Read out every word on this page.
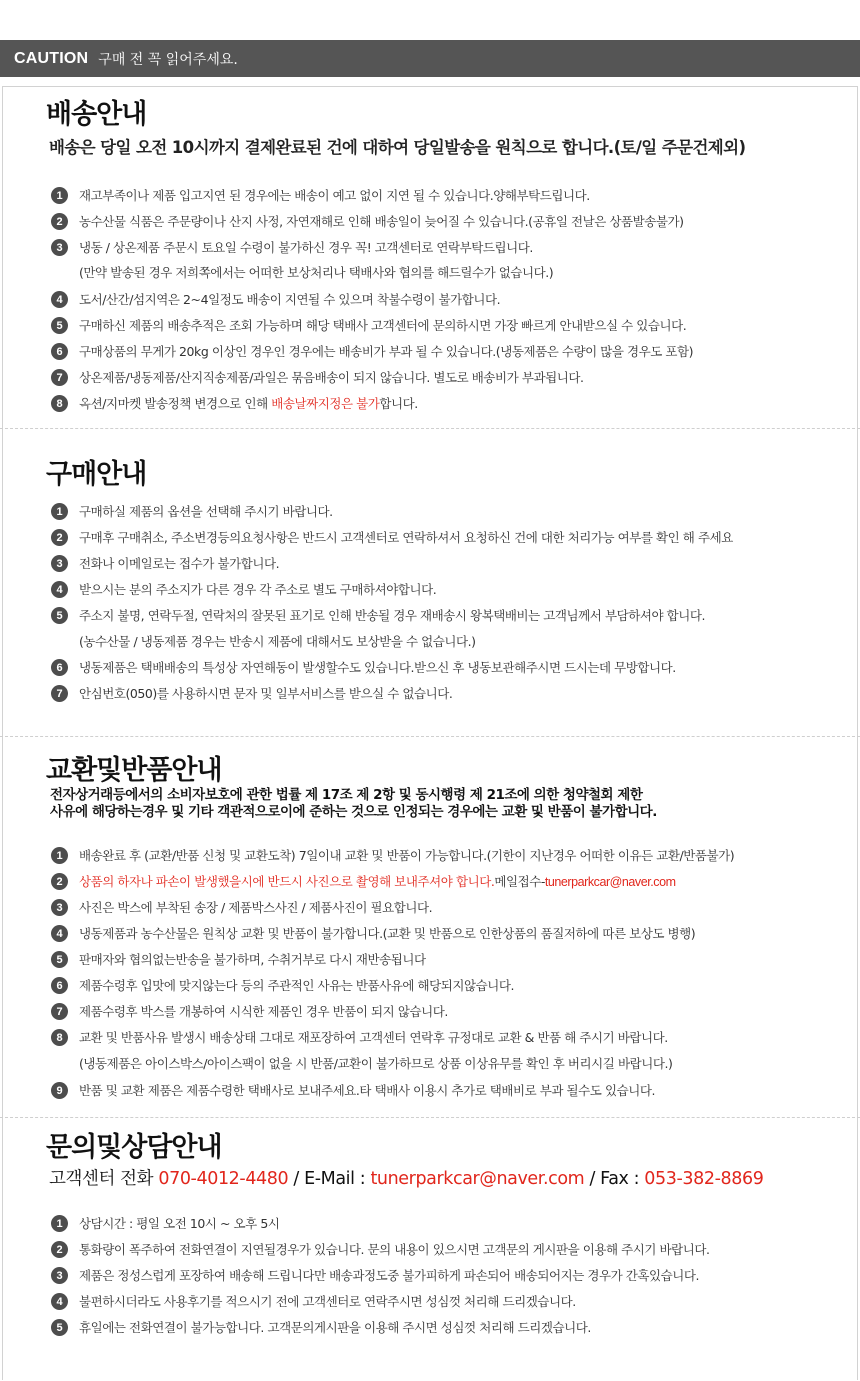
CAUTION 구매 전 꼭 읽어주세요.
배송안내
배송은 당일 오전 10시까지 결제완료된 건에 대하여 당일발송을 원칙으로 합니다.(토/일 주문건제외)
1	재고부족이나 제품 입고지연 된 경우에는 배송이 예고 없이 지연 될 수 있습니다.양해부탁드립니다.
2	농수산물 식품은 주문량이나 산지 사정, 자연재해로 인해 배송일이 늦어질 수 있습니다.(공휴일 전날은 상품발송불가)
3	냉동 / 상온제품 주문시 토요일 수령이 불가하신 경우 꼭! 고객센터로 연락부탁드립니다.
(만약 발송된 경우 저희쪽에서는 어떠한 보상처리나 택배사와 협의를 해드릴수가 없습니다.)
4	도서/산간/섬지역은 2~4일정도 배송이 지연될 수 있으며 착불수령이 불가합니다.
5	구매하신 제품의 배송추적은 조회 가능하며 해당 택배사 고객센터에 문의하시면 가장 빠르게 안내받으실 수 있습니다.
6	구매상품의 무게가 20kg 이상인 경우인 경우에는 배송비가 부과 될 수 있습니다.(냉동제품은 수량이 많을 경우도 포함)
7	상온제품/냉동제품/산지직송제품/과일은 묶음배송이 되지 않습니다. 별도로 배송비가 부과됩니다.
8	옥션/지마켓 발송정책 변경으로 인해 배송날짜지정은 불가합니다.
구매안내
1	구매하실 제품의 옵션을 선택해 주시기 바랍니다.
2	구매후 구매취소, 주소변경등의요청사항은 반드시 고객센터로 연락하셔서 요청하신 건에 대한 처리가능 여부를 확인 해 주세요
3	전화나 이메일로는 접수가 불가합니다.
4	받으시는 분의 주소지가 다른 경우 각 주소로 별도 구매하셔야합니다.
5	주소지 불명, 연락두절, 연락처의 잘못된 표기로 인해 반송될 경우 재배송시 왕복택배비는 고객님께서 부담하셔야 합니다.
(농수산물 / 냉동제품 경우는 반송시 제품에 대해서도 보상받을 수 없습니다.)
6	냉동제품은 택배배송의 특성상 자연해동이 발생할수도 있습니다.받으신 후 냉동보관해주시면 드시는데 무방합니다.
7	안심번호(050)를 사용하시면 문자 및 일부서비스를 받으실 수 없습니다.
교환및반품안내
전자상거래등에서의 소비자보호에 관한 법률 제 17조 제 2항 및 동시행령 제 21조에 의한 청약철회 제한
사유에 해당하는경우 및 기타 객관적으로이에 준하는 것으로 인정되는 경우에는 교환 및 반품이 불가합니다.
1	배송완료 후 (교환/반품 신청 및 교환도착) 7일이내 교환 및 반품이 가능합니다.(기한이 지난경우 어떠한 이유든 교환/반품불가)
2	상품의 하자나 파손이 발생했을시에 반드시 사진으로 촬영해 보내주셔야 합니다.메일접수-tunerparkcar@naver.com
3	사진은 박스에 부착된 송장 / 제품박스사진 / 제품사진이 필요합니다.
4	냉동제품과 농수산물은 원칙상 교환 및 반품이 불가합니다.(교환 및 반품으로 인한상품의 품질저하에 따른 보상도 병행)
5	판매자와 협의없는반송을 불가하며, 수취거부로 다시 재반송됩니다
6	제품수령후 입맛에 맞지않는다 등의 주관적인 사유는 반품사유에 해당되지않습니다.
7	제품수령후 박스를 개봉하여 시식한 제품인 경우 반품이 되지 않습니다.
8	교환 및 반품사유 발생시 배송상태 그대로 재포장하여 고객센터 연락후 규정대로 교환 & 반품 해 주시기 바랍니다.
(냉동제품은 아이스박스/아이스팩이 없을 시 반품/교환이 불가하므로 상품 이상유무를 확인 후 버리시길 바랍니다.)
9	반품 및 교환 제품은 제품수령한 택배사로 보내주세요.타 택배사 이용시 추가로 택배비로 부과 될수도 있습니다.
문의및상담안내
고객센터 전화 070-4012-4480 / E-Mail : tunerparkcar@naver.com / Fax : 053-382-8869
1	상담시간 : 평일 오전 10시 ~ 오후 5시
2	통화량이 폭주하여 전화연결이 지연될경우가 있습니다. 문의 내용이 있으시면 고객문의 게시판을 이용해 주시기 바랍니다.
3	제품은 정성스럽게 포장하여 배송해 드립니다만 배송과정도중 불가피하게 파손되어 배송되어지는 경우가 간혹있습니다.
4	불편하시더라도 사용후기를 적으시기 전에 고객센터로 연락주시면 성심껏 처리해 드리겠습니다.
5	휴일에는 전화연결이 불가능합니다. 고객문의게시판을 이용해 주시면 성심껏 처리해 드리겠습니다.
